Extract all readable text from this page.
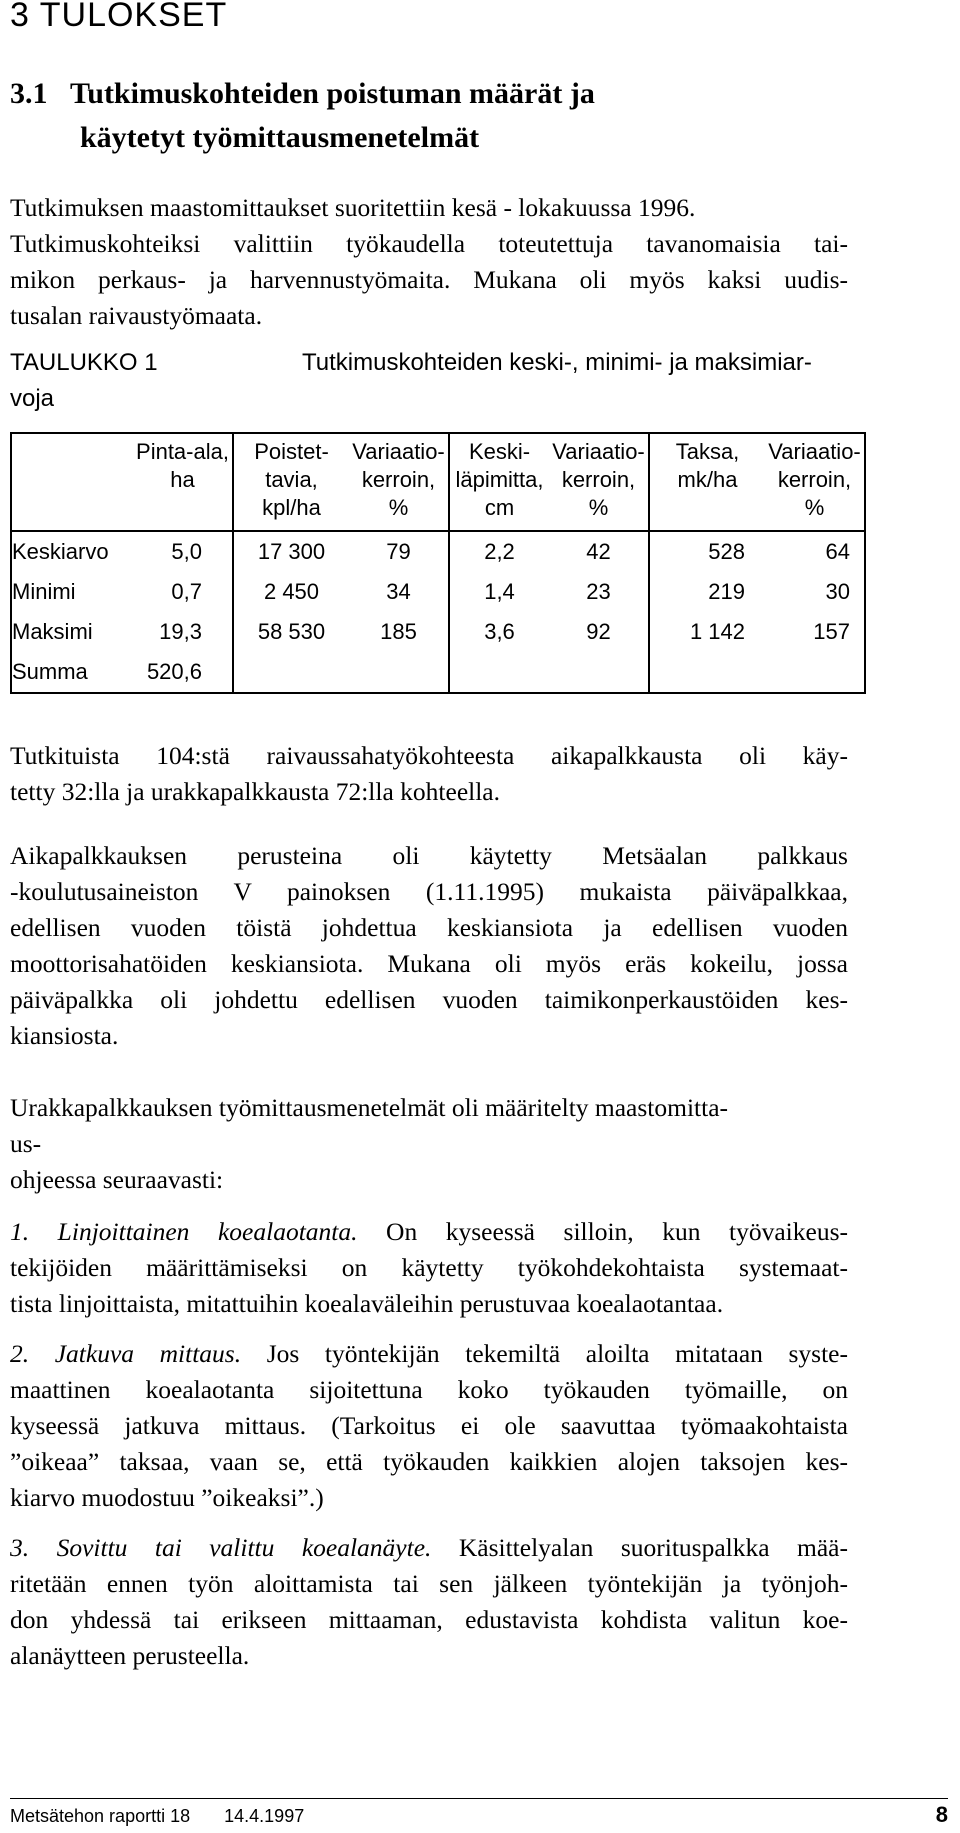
3 TULOKSET
3.1 Tutkimuskohteiden poistuman määrät ja
käytetyt työmittausmenetelmät
Tutkimuksen maastomittaukset suoritettiin kesä - lokakuussa 1996.
Tutkimuskohteiksi valittiin työkaudella toteutettuja tavanomaisia tai-
mikon perkaus- ja harvennustyömaita. Mukana oli myös kaksi uudis-
tusalan raivaustyömaata.
TAULUKKO 1
voja
Tutkimuskohteiden keski-, minimi- ja maksimiar-
	Pinta-ala,
ha	Poistet-
tavia,
kpl/ha	Variaatio-
kerroin,
%	Keski-
läpimitta,
cm	Variaatio-
kerroin,
%	Taksa,
mk/ha	Variaatio-
kerroin,
%
Keskiarvo	5,0	17 300	79	2,2	42	528	64
Minimi	0,7	2 450	34	1,4	23	219	30
Maksimi	19,3	58 530	185	3,6	92	1 142	157
Summa	520,6						
Tutkituista 104:stä raivaussahatyökohteesta aikapalkkausta oli käy-
tetty 32:lla ja urakkapalkkausta 72:lla kohteella.
Aikapalkkauksen perusteina oli käytetty Metsäalan palkkaus
-koulutusaineiston V painoksen (1.11.1995) mukaista päiväpalkkaa,
edellisen vuoden töistä johdettua keskiansiota ja edellisen vuoden
moottorisahatöiden keskiansiota. Mukana oli myös eräs kokeilu, jossa
päiväpalkka oli johdettu edellisen vuoden taimikonperkaustöiden kes-
kiansiosta.
Urakkapalkkauksen työmittausmenetelmät oli määritelty maastomitta-
us-
ohjeessa seuraavasti:
1. Linjoittainen koealaotanta. On kyseessä silloin, kun työvaikeus-
tekijöiden määrittämiseksi on käytetty työkohdekohtaista systemaat-
tista linjoittaista, mitattuihin koealaväleihin perustuvaa koealaotantaa.
2. Jatkuva mittaus. Jos työntekijän tekemiltä aloilta mitataan syste-
maattinen koealaotanta sijoitettuna koko työkauden työmaille, on
kyseessä jatkuva mittaus. (Tarkoitus ei ole saavuttaa työmaakohtaista
”oikeaa” taksaa, vaan se, että työkauden kaikkien alojen taksojen kes-
kiarvo muodostuu ”oikeaksi”.)
3. Sovittu tai valittu koealanäyte. Käsittelyalan suorituspalkka mää-
ritetään ennen työn aloittamista tai sen jälkeen työntekijän ja työnjoh-
don yhdessä tai erikseen mittaaman, edustavista kohdista valitun koe-
alanäytteen perusteella.
Metsätehon raportti 18 14.4.1997	8
